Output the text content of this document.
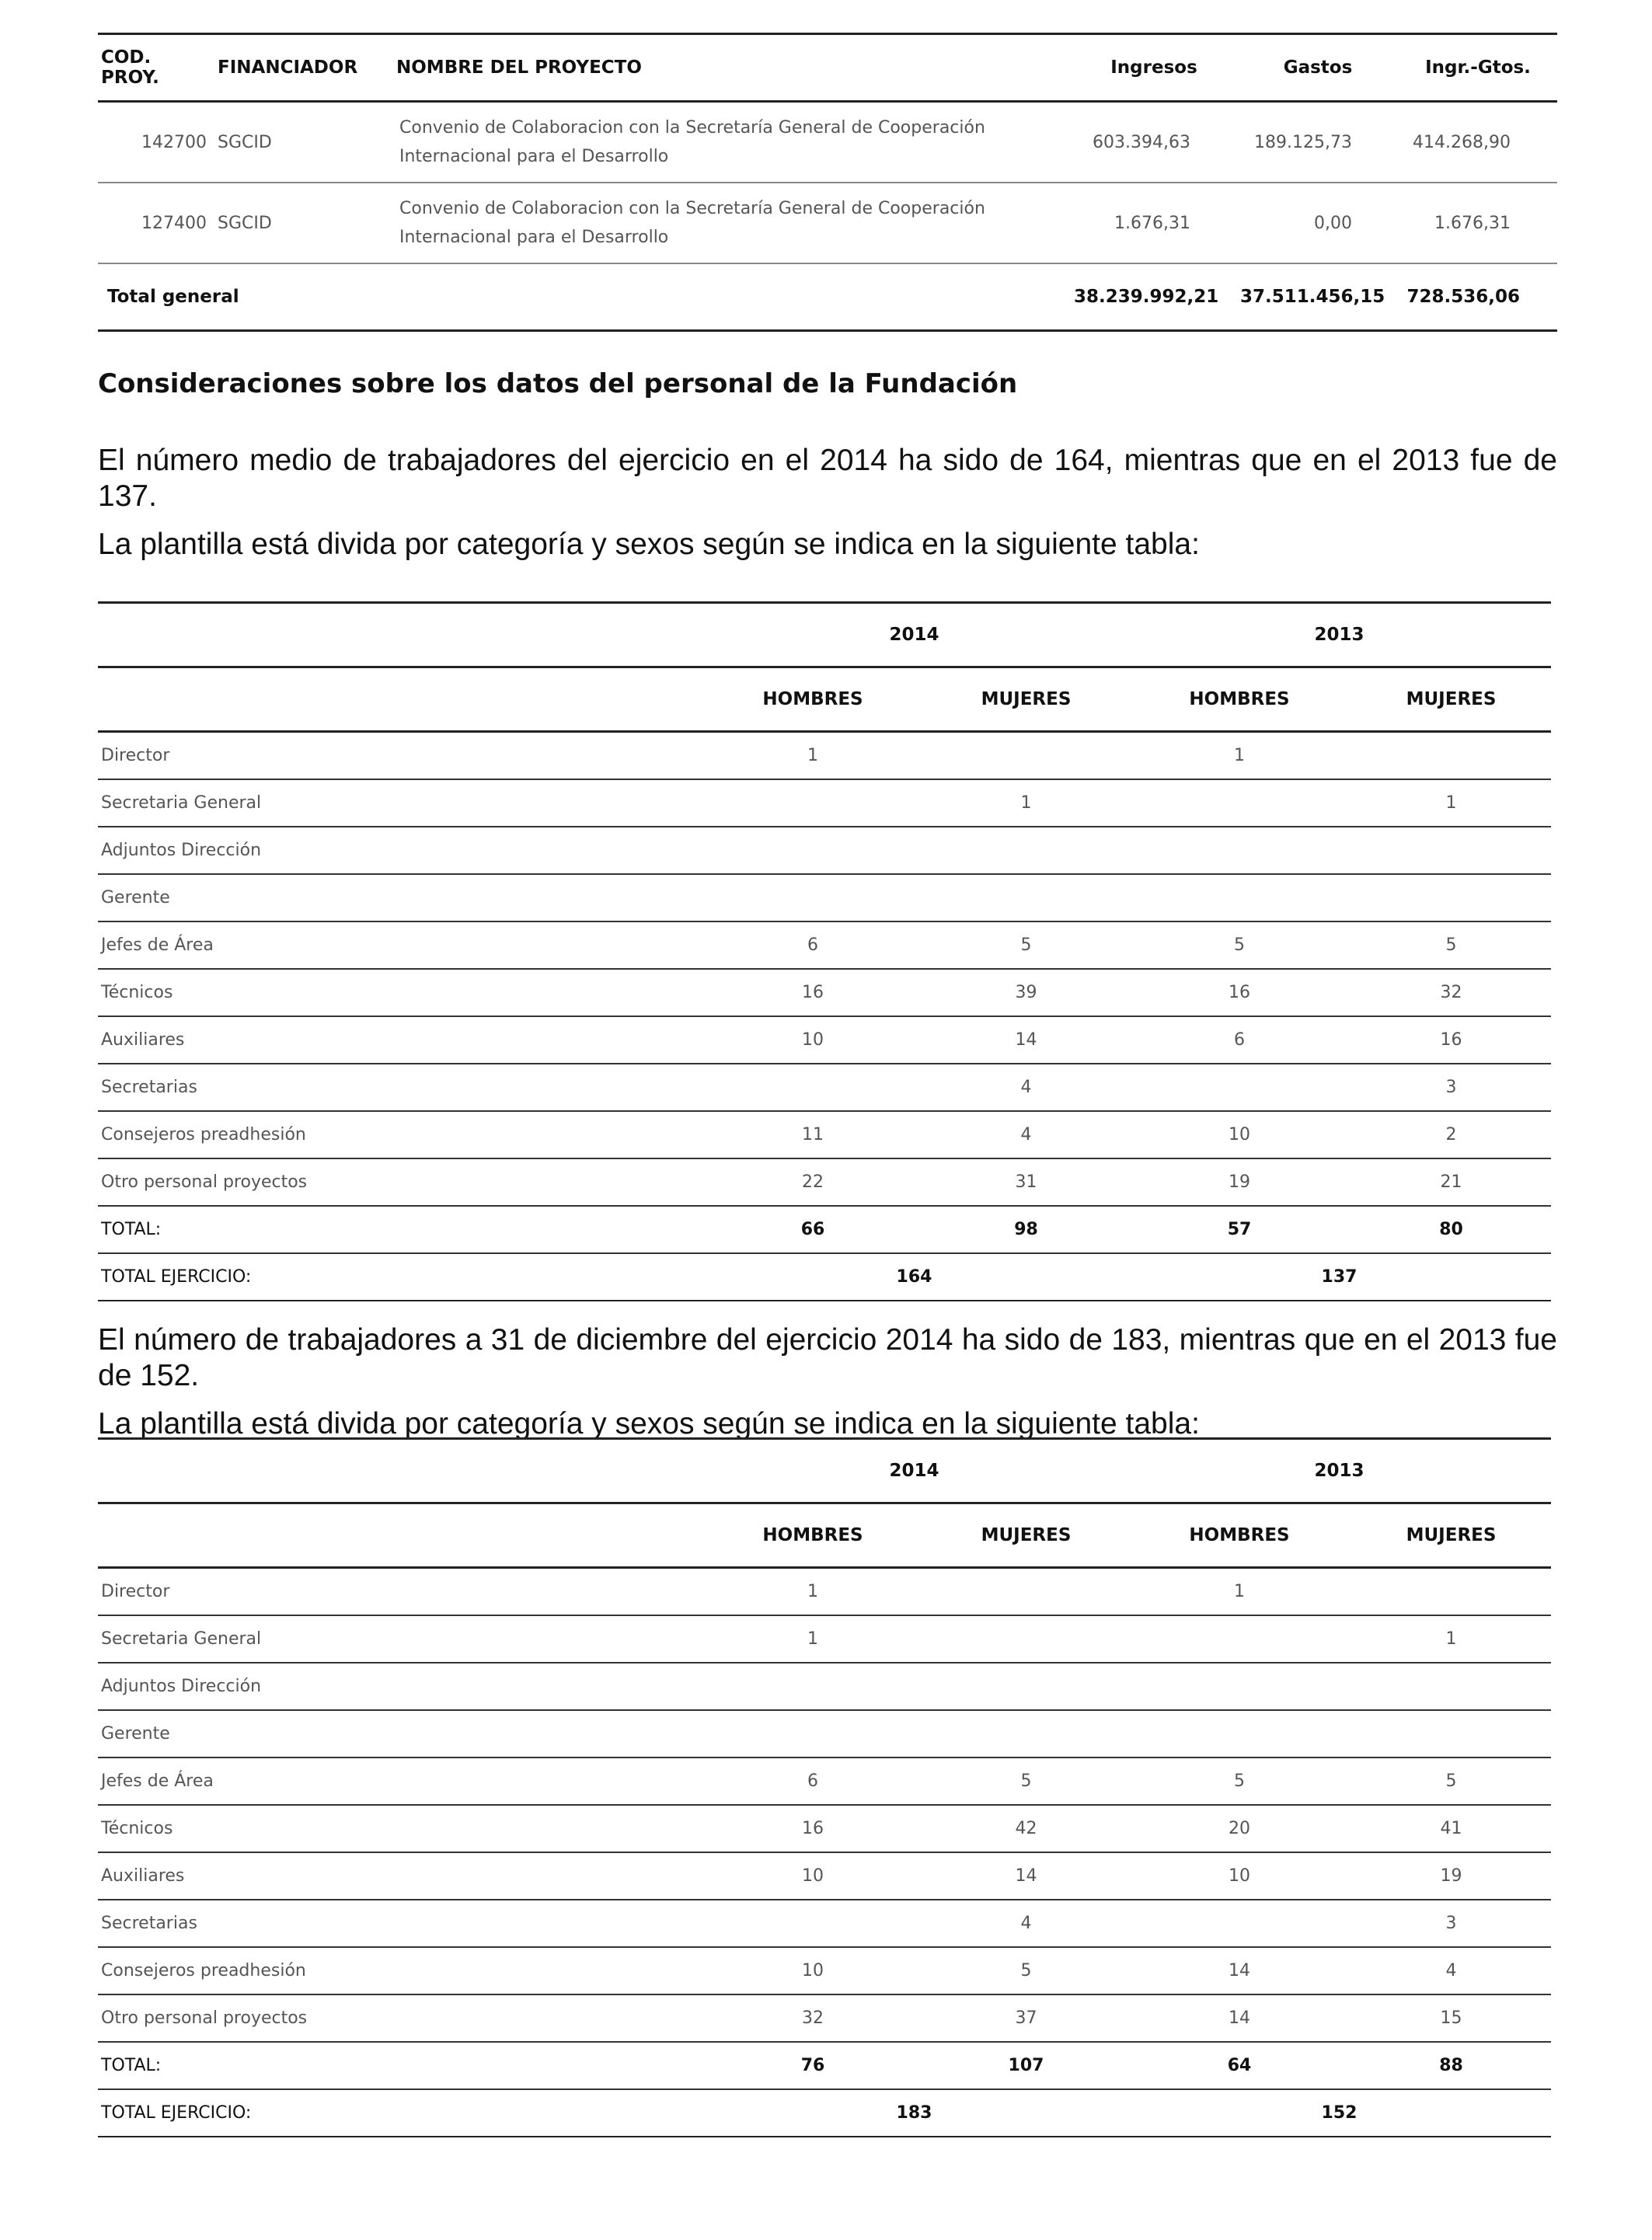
COD. PROY.	FINANCIADOR	NOMBRE DEL PROYECTO	Ingresos	Gastos	Ingr.-Gtos.
142700	SGCID	Convenio de Colaboracion con la Secretaría General de Cooperación Internacional para el Desarrollo	603.394,63	189.125,73	414.268,90
127400	SGCID	Convenio de Colaboracion con la Secretaría General de Cooperación Internacional para el Desarrollo	1.676,31	0,00	1.676,31
Total general			38.239.992,21	37.511.456,15	728.536,06
Consideraciones sobre los datos del personal de la Fundación

El número medio de trabajadores del ejercicio en el 2014 ha sido de 164, mientras que en el 2013 fue de 137.

La plantilla está divida por categoría y sexos según se indica en la siguiente tabla:

	2014		2013	
	HOMBRES	MUJERES	HOMBRES	MUJERES
Director	1		1	
Secretaria General		1		1
Adjuntos Dirección				
Gerente				
Jefes de Área	6	5	5	5
Técnicos	16	39	16	32
Auxiliares	10	14	6	16
Secretarias		4		3
Consejeros preadhesión	11	4	10	2
Otro personal proyectos	22	31	19	21
TOTAL:	66	98	57	80
TOTAL EJERCICIO:	164		137	

El número de trabajadores a 31 de diciembre del ejercicio 2014 ha sido de 183, mientras que en el 2013 fue de 152.

La plantilla está divida por categoría y sexos según se indica en la siguiente tabla:

	2014		2013	
	HOMBRES	MUJERES	HOMBRES	MUJERES
Director	1		1	
Secretaria General	1			1
Adjuntos Dirección				
Gerente				
Jefes de Área	6	5	5	5
Técnicos	16	42	20	41
Auxiliares	10	14	10	19
Secretarias		4		3
Consejeros preadhesión	10	5	14	4
Otro personal proyectos	32	37	14	15
TOTAL:	76	107	64	88
TOTAL EJERCICIO:	183		152	
